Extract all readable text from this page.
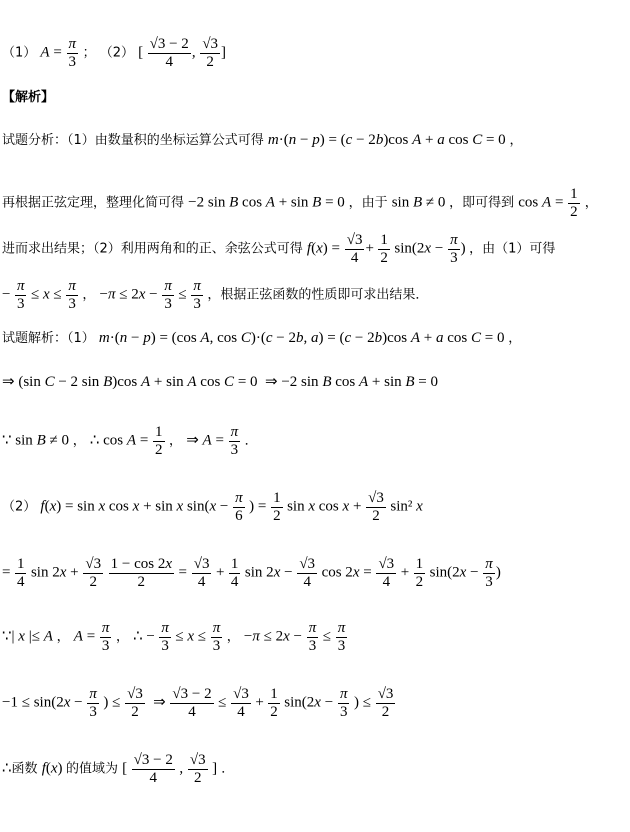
（1） $A = \frac{\pi}{3}$ ； （2） [ $\frac{√3 - 2}{4}$ , $\frac{√3}{2}$ ]
【解析】
试题分析：（1）由数量积的坐标运算公式可得 m·(n − p) = (c − 2b)cos A + a cos C = 0 ，
再根据正弦定理，整理化简可得 −2 sin B cos A + sin B = 0 ，由于 sin B ≠ 0 ，即可得到 $\cos A = \frac{1}{2}$ ，
进而求出结果；（2）利用两角和的正、余弦公式可得 $f(x) = \frac{√3}{4} + \frac{1}{2} \sin(2x - \frac{\pi}{3}$ ) ，由（1）可得
− $\frac{\pi}{3} \le x \le \frac{\pi}{3}$ ， $-\pi \le 2x - \frac{\pi}{3} \le \frac{\pi}{3}$ ，根据正弦函数的性质即可求出结果．
试题解析：（1） m·(n − p) = (cos A, cos C)·(c − 2b, a) = (c − 2b)cos A + a cos C = 0 ，
⇒ (sin C − 2 sin B)cos A + sin A cos C = 0  ⇒ −2 sin B cos A + sin B = 0
∵ sin B ≠ 0 ， ∴ $\cos A = \frac{1}{2}$ ， ⇒ $A = \frac{\pi}{3}$ ．
（2） f(x) = sin x cos x + sin x $\sin(x - \frac{\pi}{6}$ ) = $\frac{1}{2}$ sin x $\cos x + \frac{√3}{2} \sin^2$ x
= $\frac{1}{4}$ $\sin 2x + \frac{√3}{2}$
$\frac{1 - \cos 2x}{2} = \frac{√3}{4} + \frac{1}{4}$ $\sin 2x - \frac{√3}{4}$ $\cos 2x = \frac{√3}{4} + \frac{1}{2} \sin(2x - \frac{\pi}{3}$ )
∵| x |≤ A ， $A = \frac{\pi}{3}$ ， ∴ − $\frac{\pi}{3} \le x \le \frac{\pi}{3}$ ， $-\pi \le 2x - \frac{\pi}{3} \le \frac{\pi}{3}$
$-1 \le \sin(2x - \frac{\pi}{3}$ ) ≤ $\frac{√3}{2}$ ⇒ $\frac{√3 - 2}{4} \le \frac{√3}{4} + \frac{1}{2} \sin(2x - \frac{\pi}{3}$ ) ≤ $\frac{√3}{2}$
∴函数 f(x) 的值域为 [ $\frac{√3 - 2}{4}$ , $\frac{√3}{2}$ ] ．
